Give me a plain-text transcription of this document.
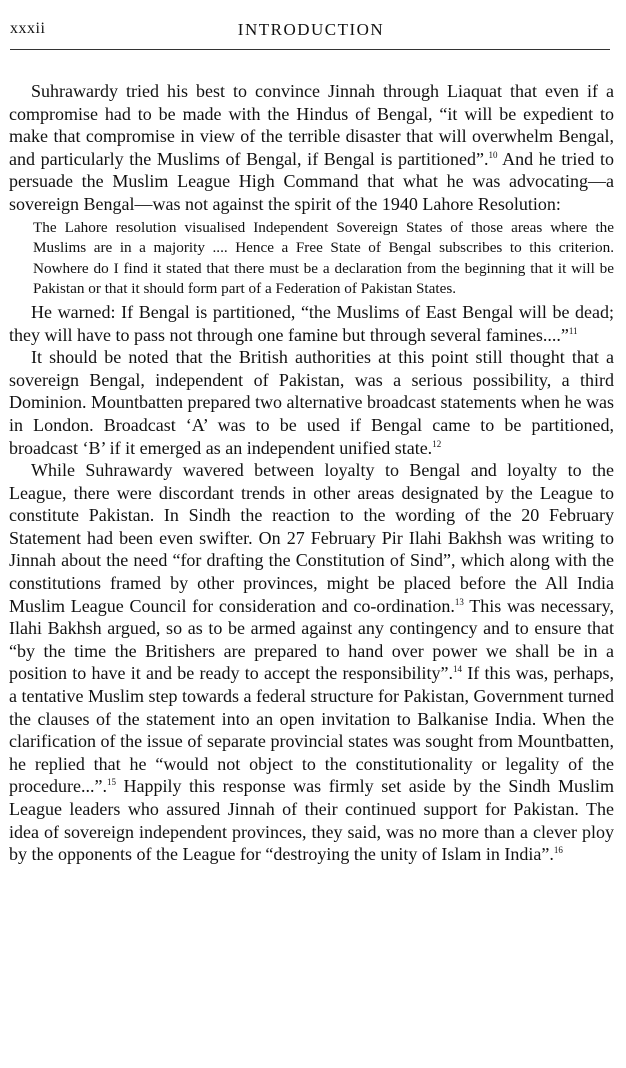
xxxii	INTRODUCTION

Suhrawardy tried his best to convince Jinnah through Liaquat that even if a compromise had to be made with the Hindus of Bengal, “it will be expedient to make that compromise in view of the terrible disaster that will overwhelm Bengal, and particularly the Muslims of Bengal, if Bengal is partitioned”.$^{10}$ And he tried to persuade the Muslim League High Command that what he was advocating—a sovereign Bengal—was not against the spirit of the 1940 Lahore Resolution:

The Lahore resolution visualised Independent Sovereign States of those areas where the Muslims are in a majority .... Hence a Free State of Bengal subscribes to this criterion. Nowhere do I find it stated that there must be a declaration from the beginning that it will be Pakistan or that it should form part of a Federation of Pakistan States.

He warned: If Bengal is partitioned, “the Muslims of East Bengal will be dead; they will have to pass not through one famine but through several famines....”$^{11}$

It should be noted that the British authorities at this point still thought that a sovereign Bengal, independent of Pakistan, was a serious possibility, a third Dominion. Mountbatten prepared two alternative broadcast statements when he was in London. Broadcast ‘A’ was to be used if Bengal came to be partitioned, broadcast ‘B’ if it emerged as an independent unified state.$^{12}$

While Suhrawardy wavered between loyalty to Bengal and loyalty to the League, there were discordant trends in other areas designated by the League to constitute Pakistan. In Sindh the reaction to the wording of the 20 February Statement had been even swifter. On 27 February Pir Ilahi Bakhsh was writing to Jinnah about the need “for drafting the Constitution of Sind”, which along with the constitutions framed by other provinces, might be placed before the All India Muslim League Council for consideration and co-ordination.$^{13}$ This was necessary, Ilahi Bakhsh argued, so as to be armed against any contingency and to ensure that “by the time the Britishers are prepared to hand over power we shall be in a position to have it and be ready to accept the responsibility”.$^{14}$ If this was, perhaps, a tentative Muslim step towards a federal structure for Pakistan, Government turned the clauses of the statement into an open invitation to Balkanise India. When the clarification of the issue of separate provincial states was sought from Mountbatten, he replied that he “would not object to the constitutionality or legality of the procedure...”.$^{15}$ Happily this response was firmly set aside by the Sindh Muslim League leaders who assured Jinnah of their continued support for Pakistan. The idea of sovereign independent provinces, they said, was no more than a clever ploy by the opponents of the League for “destroying the unity of Islam in India”.$^{16}$
